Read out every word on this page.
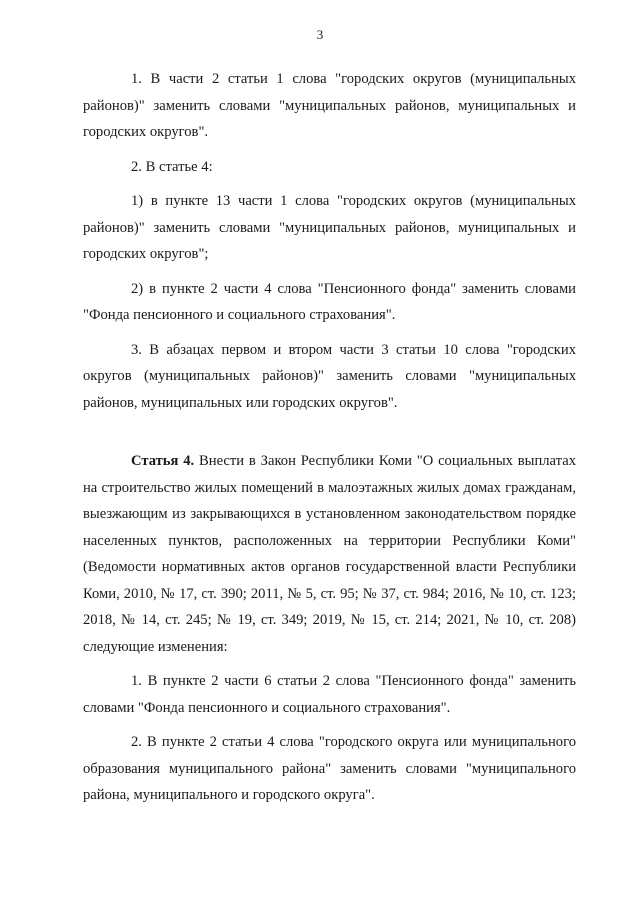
3

1. В части 2 статьи 1 слова "городских округов (муниципальных районов)" заменить словами "муниципальных районов, муниципальных и городских округов".

2. В статье 4:

1) в пункте 13 части 1 слова "городских округов (муниципальных районов)" заменить словами "муниципальных районов, муниципальных и городских округов";

2) в пункте 2 части 4 слова "Пенсионного фонда" заменить словами "Фонда пенсионного и социального страхования".

3. В абзацах первом и втором части 3 статьи 10 слова "городских округов (муниципальных районов)" заменить словами "муниципальных районов, муниципальных или городских округов".

Статья 4. Внести в Закон Республики Коми "О социальных выплатах на строительство жилых помещений в малоэтажных жилых домах гражданам, выезжающим из закрывающихся в установленном законодательством порядке населенных пунктов, расположенных на территории Республики Коми" (Ведомости нормативных актов органов государственной власти Республики Коми, 2010, № 17, ст. 390; 2011, № 5, ст. 95; № 37, ст. 984; 2016, № 10, ст. 123; 2018, № 14, ст. 245; № 19, ст. 349; 2019, № 15, ст. 214; 2021, № 10, ст. 208) следующие изменения:

1. В пункте 2 части 6 статьи 2 слова "Пенсионного фонда" заменить словами "Фонда пенсионного и социального страхования".

2. В пункте 2 статьи 4 слова "городского округа или муниципального образования муниципального района" заменить словами "муниципального района, муниципального и городского округа".
